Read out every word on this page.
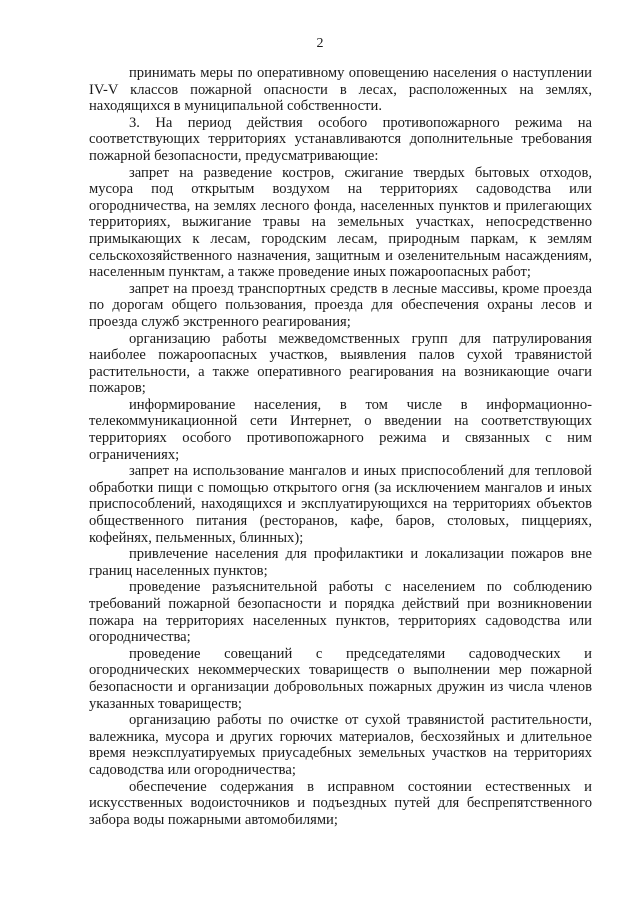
2

принимать меры по оперативному оповещению населения о наступлении IV-V классов пожарной опасности в лесах, расположенных на землях, находящихся в муниципальной собственности.

3. На период действия особого противопожарного режима на соответствующих территориях устанавливаются дополнительные требования пожарной безопасности, предусматривающие:

запрет на разведение костров, сжигание твердых бытовых отходов, мусора под открытым воздухом на территориях садоводства или огородничества, на землях лесного фонда, населенных пунктов и прилегающих территориях, выжигание травы на земельных участках, непосредственно примыкающих к лесам, городским лесам, природным паркам, к землям сельскохозяйственного назначения, защитным и озеленительным насаждениям, населенным пунктам, а также проведение иных пожароопасных работ;

запрет на проезд транспортных средств в лесные массивы, кроме проезда по дорогам общего пользования, проезда для обеспечения охраны лесов и проезда служб экстренного реагирования;

организацию работы межведомственных групп для патрулирования наиболее пожароопасных участков, выявления палов сухой травянистой растительности, а также оперативного реагирования на возникающие очаги пожаров;

информирование населения, в том числе в информационно-телекоммуникационной сети Интернет, о введении на соответствующих территориях особого противопожарного режима и связанных с ним ограничениях;

запрет на использование мангалов и иных приспособлений для тепловой обработки пищи с помощью открытого огня (за исключением мангалов и иных приспособлений, находящихся и эксплуатирующихся на территориях объектов общественного питания (ресторанов, кафе, баров, столовых, пиццериях, кофейнях, пельменных, блинных);

привлечение населения для профилактики и локализации пожаров вне границ населенных пунктов;

проведение разъяснительной работы с населением по соблюдению требований пожарной безопасности и порядка действий при возникновении пожара на территориях населенных пунктов, территориях садоводства или огородничества;

проведение совещаний с председателями садоводческих и огороднических некоммерческих товариществ о выполнении мер пожарной безопасности и организации добровольных пожарных дружин из числа членов указанных товариществ;

организацию работы по очистке от сухой травянистой растительности, валежника, мусора и других горючих материалов, бесхозяйных и длительное время неэксплуатируемых приусадебных земельных участков на территориях садоводства или огородничества;

обеспечение содержания в исправном состоянии естественных и искусственных водоисточников и подъездных путей для беспрепятственного забора воды пожарными автомобилями;
